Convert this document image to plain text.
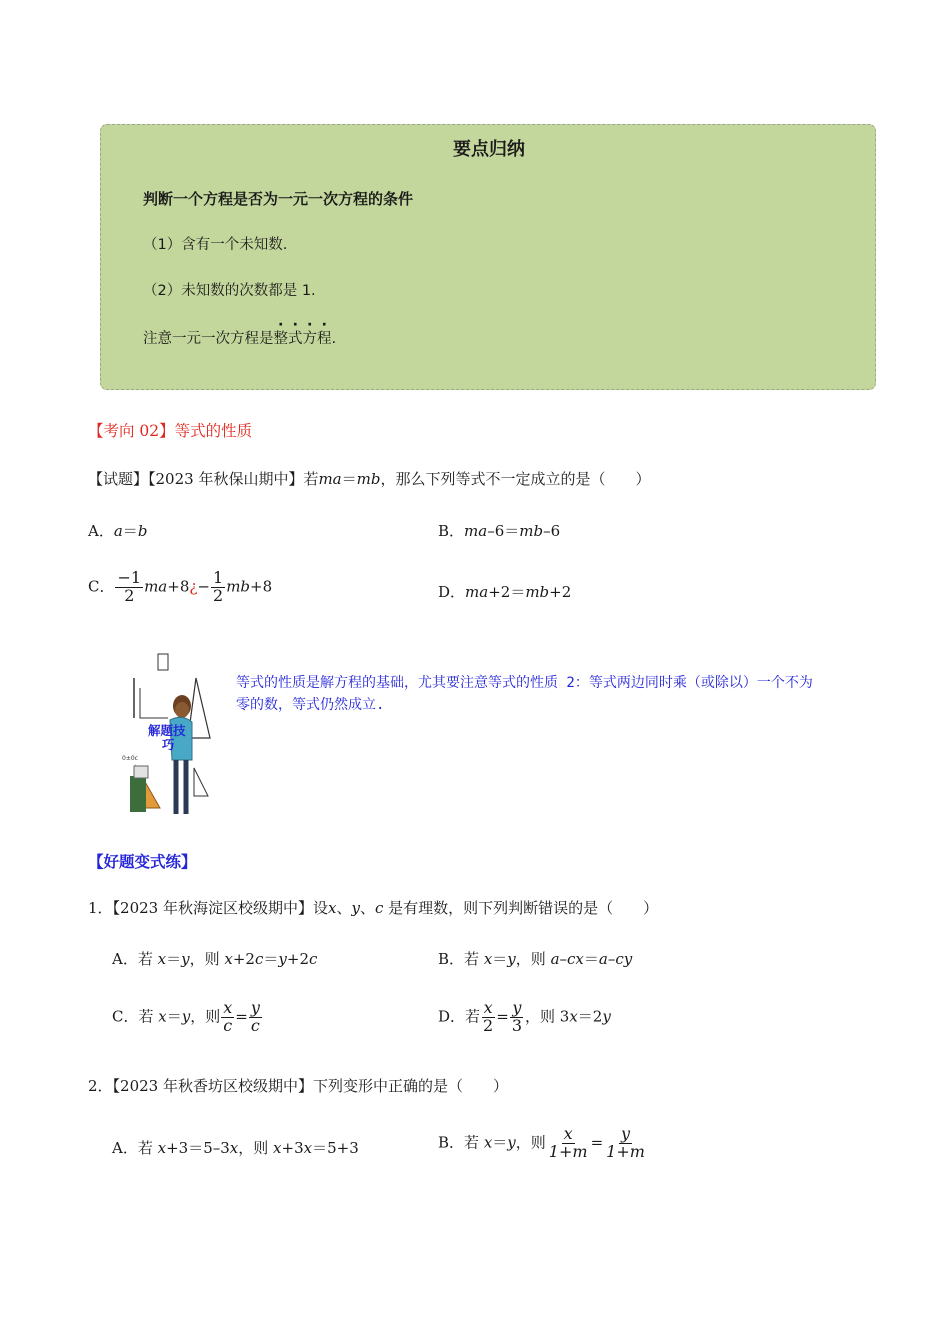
要点归纳
判断一个方程是否为一元一次方程的条件
（1）含有一个未知数.
（2）未知数的次数都是 1.
注意一元一次方程是整式方程.
【考向 02】等式的性质
【试题】【2023 年秋保山期中】若ma＝mb，那么下列等式不一定成立的是（　　）
A．a＝b	B．ma–6＝mb–6
C． $\frac{-1}{2}$ ma+8¿− $\frac{1}{2} mb+8$	D．ma+2＝mb+2
0±0c
解题技
巧
等式的性质是解方程的基础，尤其要注意等式的性质 2：等式两边同时乘（或除以）一个不为零的数，等式仍然成立.
【好题变式练】
1．【2023 年秋海淀区校级期中】设x、y、c 是有理数，则下列判断错误的是（　　）
A．若 x＝y，则 x+2c＝y+2c	B．若 x＝y，则 a–cx＝a–cy
C．若 x＝y，则 $\frac{x}{c} = \frac{y}{c}$	D．若 $\frac{x}{2} = \frac{y}{3}$ ，则 3x＝2y
2．【2023 年秋香坊区校级期中】下列变形中正确的是（　　）
A．若 x+3＝5–3x，则 x+3x＝5+3	B．若 x＝y，则 $\frac{x}{1+m} = \frac{y}{1+m}$
